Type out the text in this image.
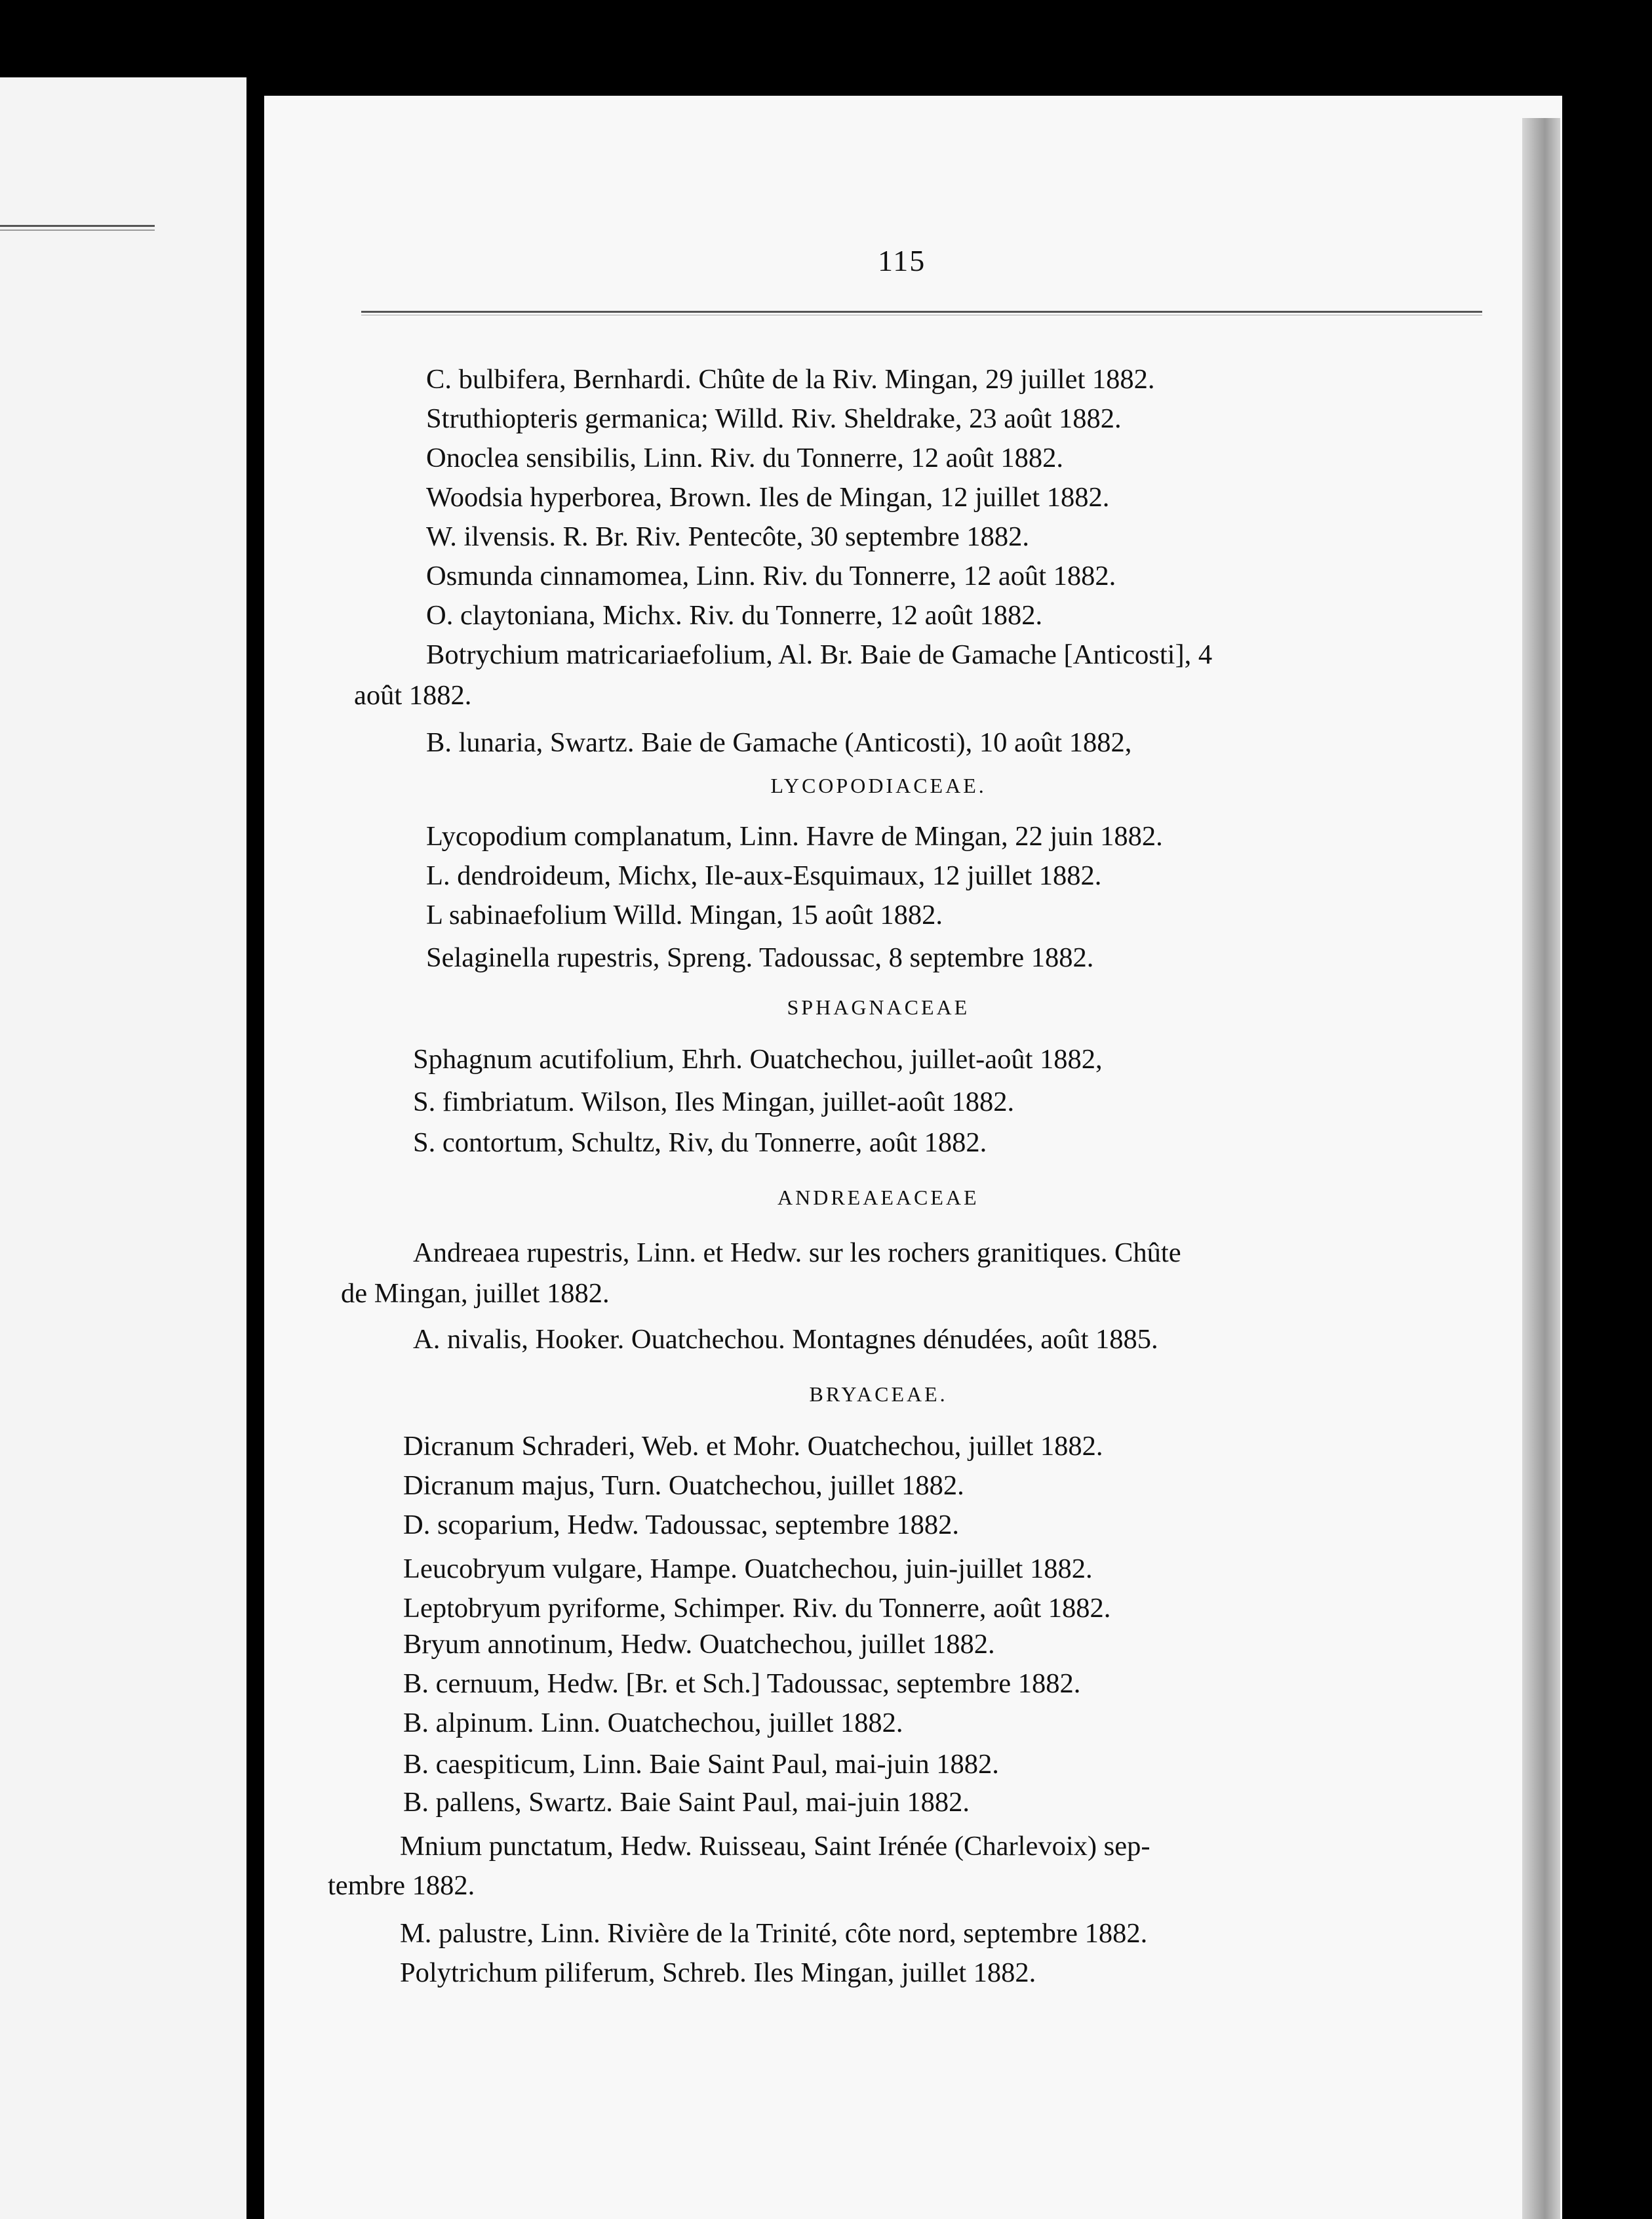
115
C. bulbifera, Bernhardi. Chûte de la Riv. Mingan, 29 juillet 1882.
Struthiopteris germanica; Willd. Riv. Sheldrake, 23 août 1882.
Onoclea sensibilis, Linn. Riv. du Tonnerre, 12 août 1882.
Woodsia hyperborea, Brown. Iles de Mingan, 12 juillet 1882.
W. ilvensis. R. Br. Riv. Pentecôte, 30 septembre 1882.
Osmunda cinnamomea, Linn. Riv. du Tonnerre, 12 août 1882.
O. claytoniana, Michx. Riv. du Tonnerre, 12 août 1882.
Botrychium matricariaefolium, Al. Br. Baie de Gamache [Anticosti], 4
août 1882.
B. lunaria, Swartz. Baie de Gamache (Anticosti), 10 août 1882,
LYCOPODIACEAE.
Lycopodium complanatum, Linn. Havre de Mingan, 22 juin 1882.
L. dendroideum, Michx, Ile-aux-Esquimaux, 12 juillet 1882.
L sabinaefolium Willd. Mingan, 15 août 1882.
Selaginella rupestris, Spreng. Tadoussac, 8 septembre 1882.
SPHAGNACEAE
Sphagnum acutifolium, Ehrh. Ouatchechou, juillet-août 1882,
S. fimbriatum. Wilson, Iles Mingan, juillet-août 1882.
S. contortum, Schultz, Riv, du Tonnerre, août 1882.
ANDREAEACEAE
Andreaea rupestris, Linn. et Hedw. sur les rochers granitiques. Chûte
de Mingan, juillet 1882.
A. nivalis, Hooker. Ouatchechou. Montagnes dénudées, août 1885.
BRYACEAE.
Dicranum Schraderi, Web. et Mohr. Ouatchechou, juillet 1882.
Dicranum majus, Turn. Ouatchechou, juillet 1882.
D. scoparium, Hedw. Tadoussac, septembre 1882.
Leucobryum vulgare, Hampe. Ouatchechou, juin-juillet 1882.
Leptobryum pyriforme, Schimper. Riv. du Tonnerre, août 1882.
Bryum annotinum, Hedw. Ouatchechou, juillet 1882.
B. cernuum, Hedw. [Br. et Sch.] Tadoussac, septembre 1882.
B. alpinum. Linn. Ouatchechou, juillet 1882.
B. caespiticum, Linn. Baie Saint Paul, mai-juin 1882.
B. pallens, Swartz. Baie Saint Paul, mai-juin 1882.
Mnium punctatum, Hedw. Ruisseau, Saint Irénée (Charlevoix) sep-
tembre 1882.
M. palustre, Linn. Rivière de la Trinité, côte nord, septembre 1882.
Polytrichum piliferum, Schreb. Iles Mingan, juillet 1882.
